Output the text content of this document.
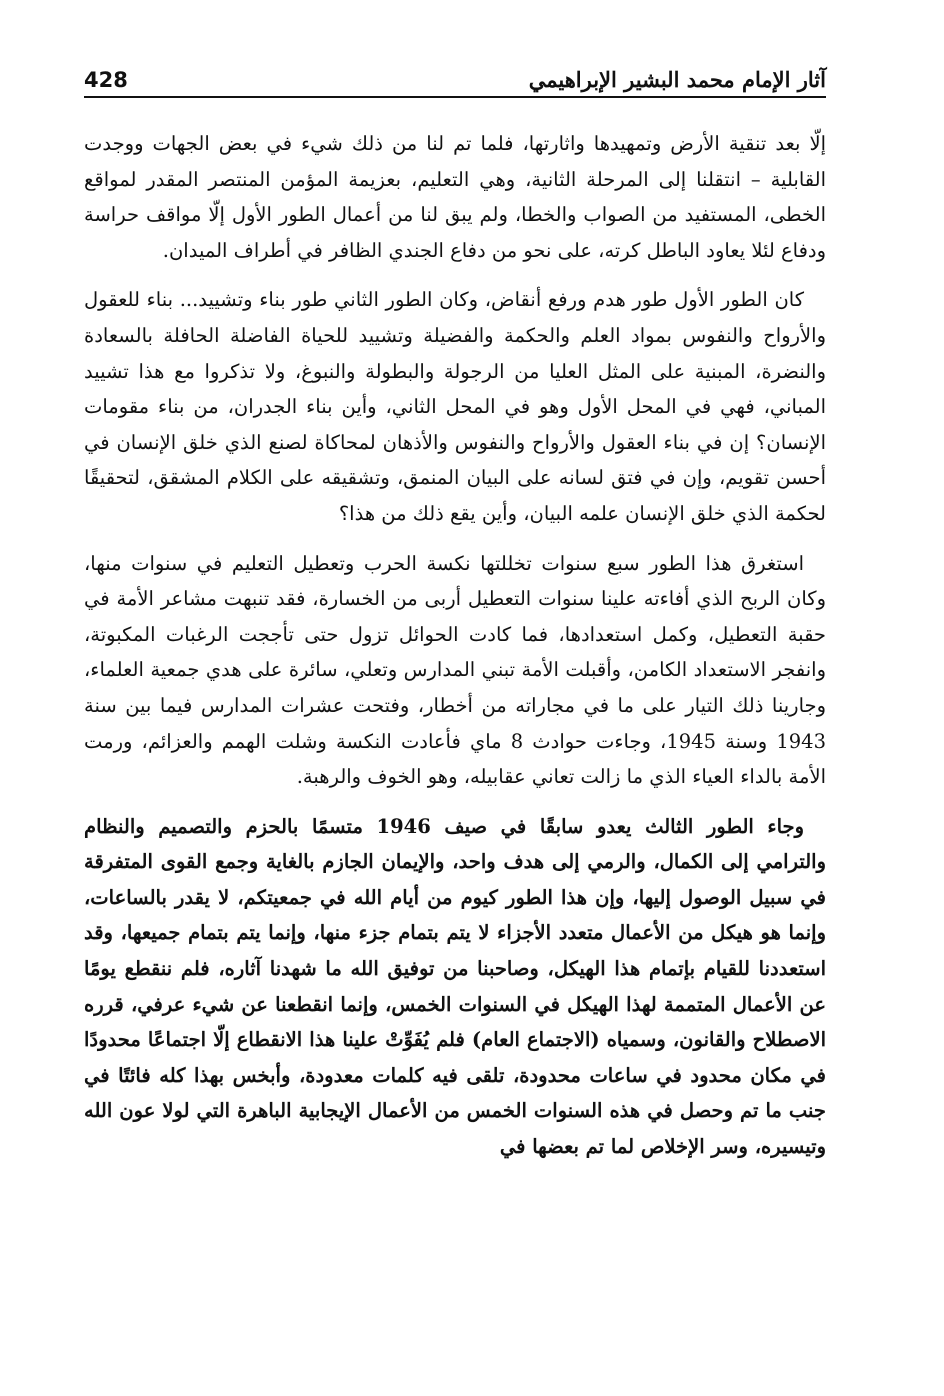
428	آثار الإمام محمد البشير الإبراهيمي

إلّا بعد تنقية الأرض وتمهيدها واثارتها، فلما تم لنا من ذلك شيء في بعض الجهات ووجدت القابلية – انتقلنا إلى المرحلة الثانية، وهي التعليم، بعزيمة المؤمن المنتصر المقدر لمواقع الخطى، المستفيد من الصواب والخطا، ولم يبق لنا من أعمال الطور الأول إلّا مواقف حراسة ودفاع لئلا يعاود الباطل كرته، على نحو من دفاع الجندي الظافر في أطراف الميدان.

كان الطور الأول طور هدم ورفع أنقاض، وكان الطور الثاني طور بناء وتشييد... بناء للعقول والأرواح والنفوس بمواد العلم والحكمة والفضيلة وتشييد للحياة الفاضلة الحافلة بالسعادة والنضرة، المبنية على المثل العليا من الرجولة والبطولة والنبوغ، ولا تذكروا مع هذا تشييد المباني، فهي في المحل الأول وهو في المحل الثاني، وأين بناء الجدران، من بناء مقومات الإنسان؟ إن في بناء العقول والأرواح والنفوس والأذهان لمحاكاة لصنع الذي خلق الإنسان في أحسن تقويم، وإن في فتق لسانه على البيان المنمق، وتشقيقه على الكلام المشقق، لتحقيقًا لحكمة الذي خلق الإنسان علمه البيان، وأين يقع ذلك من هذا؟

استغرق هذا الطور سبع سنوات تخللتها نكسة الحرب وتعطيل التعليم في سنوات منها، وكان الربح الذي أفاءته علينا سنوات التعطيل أربى من الخسارة، فقد تنبهت مشاعر الأمة في حقبة التعطيل، وكمل استعدادها، فما كادت الحوائل تزول حتى تأججت الرغبات المكبوتة، وانفجر الاستعداد الكامن، وأقبلت الأمة تبني المدارس وتعلي، سائرة على هدي جمعية العلماء، وجارينا ذلك التيار على ما في مجاراته من أخطار، وفتحت عشرات المدارس فيما بين سنة 1943 وسنة 1945، وجاءت حوادث 8 ماي فأعادت النكسة وشلت الهمم والعزائم، ورمت الأمة بالداء العياء الذي ما زالت تعاني عقابيله، وهو الخوف والرهبة.

وجاء الطور الثالث يعدو سابقًا في صيف 1946 متسمًا بالحزم والتصميم والنظام والترامي إلى الكمال، والرمي إلى هدف واحد، والإيمان الجازم بالغاية وجمع القوى المتفرقة في سبيل الوصول إليها، وإن هذا الطور كيوم من أيام الله في جمعيتكم، لا يقدر بالساعات، وإنما هو هيكل من الأعمال متعدد الأجزاء لا يتم بتمام جزء منها، وإنما يتم بتمام جميعها، وقد استعددنا للقيام بإتمام هذا الهيكل، وصاحبنا من توفيق الله ما شهدنا آثاره، فلم ننقطع يومًا عن الأعمال المتممة لهذا الهيكل في السنوات الخمس، وإنما انقطعنا عن شيء عرفي، قرره الاصطلاح والقانون، وسمياه (الاجتماع العام) فلم يُفَوِّتْ علينا هذا الانقطاع إلّا اجتماعًا محدودًا في مكان محدود في ساعات محدودة، تلقى فيه كلمات معدودة، وأبخس بهذا كله فائتًا في جنب ما تم وحصل في هذه السنوات الخمس من الأعمال الإيجابية الباهرة التي لولا عون الله وتيسيره، وسر الإخلاص لما تم بعضها في
